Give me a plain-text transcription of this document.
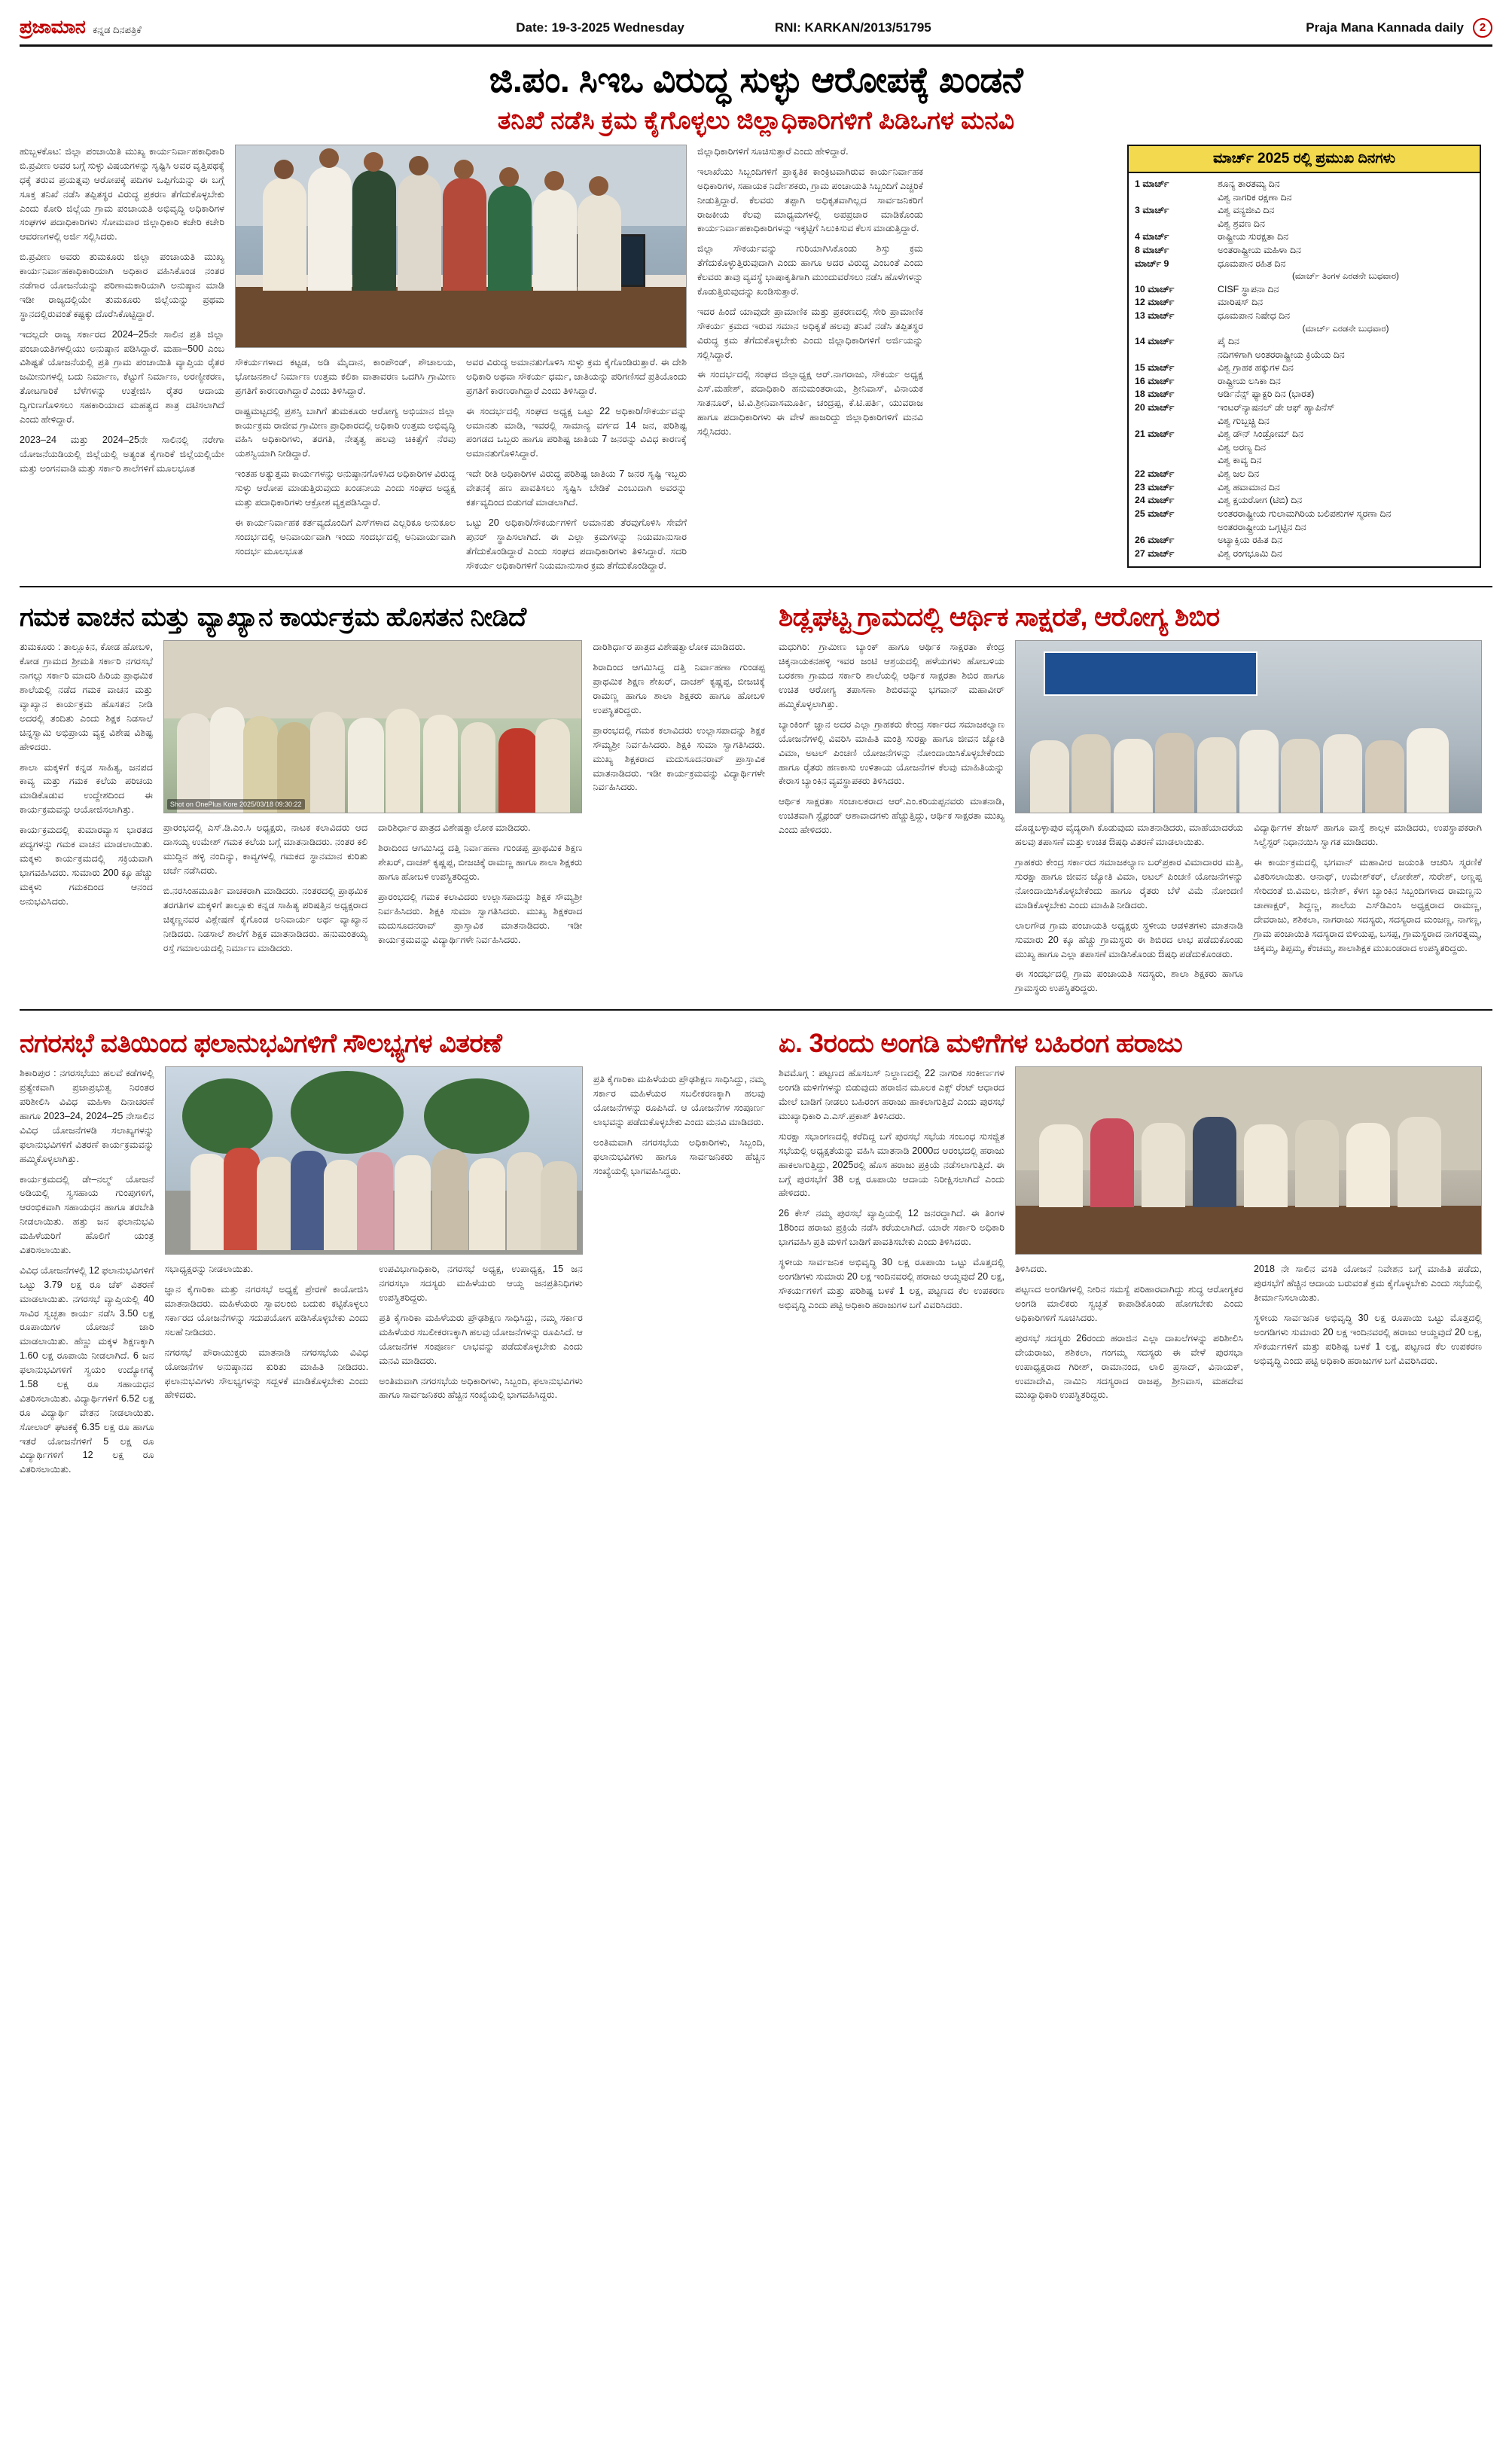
ಪ್ರಜಾಮಾನ ಕನ್ನಡ ದಿನಪತ್ರಿಕೆ	Date: 19-3-2025 Wednesday	RNI: KARKAN/2013/51795	Praja Mana Kannada daily	2
ಜಿ.ಪಂ. ಸಿಇಒ ವಿರುದ್ಧ ಸುಳ್ಳು ಆರೋಪಕ್ಕೆ ಖಂಡನೆ
ತನಿಖೆ ನಡೆಸಿ ಕ್ರಮ ಕೈಗೊಳ್ಳಲು ಜಿಲ್ಲಾಧಿಕಾರಿಗಳಿಗೆ ಪಿಡಿಒಗಳ ಮನವಿ

ಹುಬ್ಬಳಕೊಟ: ಜಿಲ್ಲಾ ಪಂಚಾಯಿತಿ ಮುಖ್ಯ ಕಾರ್ಯನಿರ್ವಾಹಕಾಧಿಕಾರಿ ಬಿ.ಪ್ರವೀಣ ಅವರ ಬಗ್ಗೆ ಸುಳ್ಳು ವಿಷಯಗಳನ್ನು ಸೃಷ್ಟಿಸಿ ಅವರ ವೃತ್ತಿಪಥಕ್ಕೆ ಧಕ್ಕೆ ತರುವ ಪ್ರಯತ್ನವು ಆರೋಪಕ್ಕೆ ಪದಿಗಳ ಒಪ್ಪಿಗೆಯನ್ನು ಈ ಬಗ್ಗೆ ಸೂಕ್ತ ತನಿಖೆ ನಡೆಸಿ ತಪ್ಪಿತಸ್ಥರ ವಿರುದ್ಧ ಪ್ರಕರಣ ತೆಗೆದುಕೊಳ್ಳಬೇಕು ಎಂದು ಕೋರಿ ಜಿಲ್ಲೆಯ ಗ್ರಾಮ ಪಂಚಾಯತಿ ಅಭಿವೃದ್ಧಿ ಅಧಿಕಾರಿಗಳ ಸಂಘಗಳ ಪದಾಧಿಕಾರಿಗಳು ಸೋಮವಾರ ಜಿಲ್ಲಾಧಿಕಾರಿ ಕಚೇರಿ ಕಚೇರಿ ಆವರಣಗಳಲ್ಲಿ ಅರ್ಜಿ ಸಲ್ಲಿಸಿದರು.

ಬಿ.ಪ್ರವೀಣ ಅವರು ತುಮಕೂರು ಜಿಲ್ಲಾ ಪಂಚಾಯತಿ ಮುಖ್ಯ ಕಾರ್ಯನಿರ್ವಾಹಕಾಧಿಕಾರಿಯಾಗಿ ಅಧಿಕಾರ ವಹಿಸಿಕೊಂಡ ನಂತರ ನಡೆಗಾರ ಯೋಜನೆಯನ್ನು ಪರಿಣಾಮಕಾರಿಯಾಗಿ ಅನುಷ್ಠಾನ ಮಾಡಿ ಇಡೀ ರಾಜ್ಯದಲ್ಲಿಯೇ ತುಮಕೂರು ಜಿಲ್ಲೆಯನ್ನು ಪ್ರಥಮ ಸ್ಥಾನದಲ್ಲಿರುವಂತೆ ಕಷ್ಟಕ್ಕು ದೊರೆಸಿಕೊಟ್ಟಿದ್ದಾರೆ.

ಇದಲ್ಲದೇ ರಾಜ್ಯ ಸರ್ಕಾರದ 2024–25ನೇ ಸಾಲಿನ ಪ್ರತಿ ಜಿಲ್ಲಾ ಪಂಚಾಯತಿಗಳಲ್ಲಿಯು ಅನುಷ್ಠಾನ ಪಡಿಸಿದ್ದಾರೆ. ಮಹಾ–500 ಎಂಬ ವಿಶಿಷ್ಟತೆ ಯೋಜನೆಯಲ್ಲಿ ಪ್ರತಿ ಗ್ರಾಮ ಪಂಚಾಯಿತಿ ವ್ಯಾಪ್ತಿಯ ರೈತರ ಜಮೀನುಗಳಲ್ಲಿ ಬದು ನಿರ್ಮಾಣ, ಕೆಟ್ಟುಗೆ ನಿರ್ಮಾಣ, ಅರಣ್ಯೀಕರಣ, ತೋಟಗಾರಿಕೆ ಬೆಳೆಗಳನ್ನು ಉತ್ತೇಜಿಸಿ ರೈತರ ಆದಾಯ ದ್ವಿಗುಣಗೊಳಿಸಲು ಸಹಕಾರಿಯಾದ ಮಹತ್ವದ ಶಾತ್ರ ದಟಿಸಲಾಗಿದೆ ಎಂದು ಹೇಳಿದ್ದಾರೆ.

2023–24 ಮತ್ತು 2024–25ನೇ ಸಾಲಿನಲ್ಲಿ ನರೇಗಾ ಯೋಜನೆಯಡಿಯಲ್ಲಿ ಜಿಲ್ಲೆಯಲ್ಲಿ ಅತ್ಯಂತ ಕೈಗಾರಿಕೆ ಜಿಲ್ಲೆಯಲ್ಲಿಯೇ ಮತ್ತು ಅಂಗನವಾಡಿ ಮತ್ತು ಸರ್ಕಾರಿ ಶಾಲೆಗಳಿಗೆ ಮೂಲಭೂತ

ಸೌಕರ್ಯಗಳಾದ ಕಟ್ಟಡ, ಅಡಿ ಮೈದಾನ, ಕಾಂಪೌಂಡ್, ಶೌಚಾಲಯ, ಭೋಜನಶಾಲೆ ನಿರ್ಮಾಣ ಉತ್ತಮ ಕಲಿಕಾ ವಾತಾವರಣ ಒದಗಿಸಿ ಗ್ರಾಮೀಣ ಪ್ರಗತಿಗೆ ಕಾರಣರಾಗಿದ್ದಾರೆ ಎಂದು ತಿಳಿಸಿದ್ದಾರೆ.

ರಾಷ್ಟ್ರಮಟ್ಟದಲ್ಲಿ ಪ್ರಶಸ್ತಿ ಬಾಗಿಗೆ ತುಮಕೂರು ಆರೋಗ್ಯ ಅಭಿಯಾನ ಜಿಲ್ಲಾ ಕಾರ್ಯಕ್ರಮ ರಾಜೀವ ಗ್ರಾಮೀಣ ಪ್ರಾಧಿಕಾರದಲ್ಲಿ ಅಧಿಕಾರಿ ಉತ್ತಮ ಅಭಿವೃದ್ಧಿ ವಹಿಸಿ ಅಧಿಕಾರಿಗಳು, ತರಗತಿ, ನೇತೃತ್ವ ಹಲವು ಚಿಕಿತ್ಸೆಗೆ ನೆರವು ಯಶಸ್ವಿಯಾಗಿ ನೀಡಿದ್ದಾರೆ.

ಇಂತಹ ಅತ್ಯುತ್ತಮ ಕಾರ್ಯಗಳನ್ನು ಅನುಷ್ಠಾನಗೊಳಿಸಿದ ಅಧಿಕಾರಿಗಳ ವಿರುದ್ಧ ಸುಳ್ಳು ಆರೋಪ ಮಾಡುತ್ತಿರುವುದು ಖಂಡನೀಯ ಎಂದು ಸಂಘದ ಅಧ್ಯಕ್ಷ ಮತ್ತು ಪದಾಧಿಕಾರಿಗಳು ಆಕ್ರೋಶ ವ್ಯಕ್ತಪಡಿಸಿದ್ದಾರೆ.

ಈ ಕಾರ್ಯನಿರ್ವಾಹಕ ಕರ್ತವ್ಯದೊಂದಿಗೆ ಎಸ್‌ಗಳಾದ ಎಲ್ಲರಿಕೂ ಅನುಕೂಲ ಸಂದರ್ಭದಲ್ಲಿ ಅನಿವಾರ್ಯವಾಗಿ ಇಂದು ಸಂದರ್ಭದಲ್ಲಿ ಅನಿವಾರ್ಯವಾಗಿ ಸಂದರ್ಭ ಮೂಲಭೂತ

ಅವರ ವಿರುದ್ಧ ಅಮಾನತುಗೊಳಿಸಿ ಸುಳ್ಳು ಕ್ರಮ ಕೈಗೊಂಡಿರುತ್ತಾರೆ. ಈ ದೇಶಿ ಅಧಿಕಾರಿ ಅಥವಾ ಸೌಕರ್ಯ ಧರ್ಮ, ಜಾತಿಯನ್ನು ಪರಿಗಣಿಸದೆ ಪ್ರತಿಯೊಂದು ಪ್ರಗತಿಗೆ ಕಾರಣರಾಗಿದ್ದಾರೆ ಎಂದು ತಿಳಿಸಿದ್ದಾರೆ.

ಈ ಸಂದರ್ಭದಲ್ಲಿ ಸಂಘದ ಅಧ್ಯಕ್ಷ ಒಟ್ಟು 22 ಅಧಿಕಾರಿ/ಸೌಕರ್ಯವನ್ನು ಅಮಾನತು ಮಾಡಿ, ಇವರಲ್ಲಿ ಸಾಮಾನ್ಯ ವರ್ಗದ 14 ಜನ, ಪರಿಶಿಷ್ಟ ಪಂಗಡದ ಒಬ್ಬರು ಹಾಗೂ ಪರಿಶಿಷ್ಟ ಜಾತಿಯ 7 ಜನರನ್ನು ವಿವಿಧ ಕಾರಣಕ್ಕೆ ಅಮಾನತುಗೊಳಿಸಿದ್ದಾರೆ.

ಇದೇ ರೀತಿ ಅಧಿಕಾರಿಗಳ ವಿರುದ್ಧ ಪರಿಶಿಷ್ಟ ಜಾತಿಯ 7 ಜನರ ಸೃಷ್ಟಿ ಇಬ್ಬರು ವೇತನಕ್ಕೆ ಹಣ ಪಾವತಿಸಲು ಸೃಷ್ಟಿಸಿ ಬೇಡಿಕೆ ಎಂಬುದಾಗಿ ಅವರನ್ನು ಕರ್ತವ್ಯದಿಂದ ಬಿಡುಗಡೆ ಮಾಡಲಾಗಿದೆ.

ಒಟ್ಟು 20 ಅಧಿಕಾರಿ/ಸೌಕರ್ಯಗಳಿಗೆ ಅಮಾನತು ತೆರವುಗೊಳಿಸಿ ಸೇವೆಗೆ ಪುನರ್ ಸ್ಥಾಪಿಸಲಾಗಿದೆ. ಈ ಎಲ್ಲಾ ಕ್ರಮಗಳನ್ನು ನಿಯಮಾನುಸಾರ ತೆಗೆದುಕೊಂಡಿದ್ದಾರೆ ಎಂದು ಸಂಘದ ಪದಾಧಿಕಾರಿಗಳು ತಿಳಿಸಿದ್ದಾರೆ. ಸದರಿ ಸೌಕರ್ಯ ಅಧಿಕಾರಿಗಳಿಗೆ ನಿಯಮಾನುಸಾರ ಕ್ರಮ ತೆಗೆದುಕೊಂಡಿದ್ದಾರೆ.

ಜಿಲ್ಲಾಧಿಕಾರಿಗಳಿಗೆ ಸೂಚಿಸುತ್ತಾರೆ ಎಂದು ಹೇಳಿದ್ದಾರೆ.

ಇಲಾಖೆಯು ಸಿಬ್ಬಂದಿಗಳಿಗೆ ಪ್ರಾಕೃತಿಕ ಕಾಂಕ್ರಿಟವಾಗಿರುವ ಕಾರ್ಯನಿರ್ವಾಹಕ ಅಧಿಕಾರಿಗಳ, ಸಹಾಯಕ ನಿರ್ದೇಶಕರು, ಗ್ರಾಮ ಪಂಚಾಯತಿ ಸಿಬ್ಬಂದಿಗೆ ಎಚ್ಚರಿಕೆ ನೀಡುತ್ತಿದ್ದಾರೆ. ಕೆಲವರು ತಪ್ಪಾಗಿ ಅಧಿಕೃತವಾಗಿಲ್ಲದ ಸಾರ್ವಜನಿಕರಿಗೆ ರಾಜಕೀಯ ಕೆಲವು ಮಾಧ್ಯಮಗಳಲ್ಲಿ ಅಪಪ್ರಚಾರ ಮಾಡಿಕೊಂಡು ಕಾರ್ಯನಿರ್ವಾಹಕಾಧಿಕಾರಿಗಳನ್ನು ಇಕ್ಕಟ್ಟಿಗೆ ಸಿಲುಕಿಸುವ ಕೆಲಸ ಮಾಡುತ್ತಿದ್ದಾರೆ.

ಜಿಲ್ಲಾ ಸೌಕರ್ಯವನ್ನು ಗುರಿಯಾಗಿಸಿಕೊಂಡು ಶಿಸ್ತು ಕ್ರಮ ತೆಗೆದುಕೊಳ್ಳುತ್ತಿರುವುದಾಗಿ ಎಂದು ಹಾಗೂ ಅದರ ವಿರುದ್ಧ ಎಂಬಂತೆ ಎಂದು ಕೆಲವರು ತಾವು ವ್ಯವಸ್ಥೆ ಭಾಷಾಕೃತಿಗಾಗಿ ಮುಂದುವರೆಸಲು ನಡೆಸಿ ಹೊಳೆಗಳನ್ನು ಕೊಡುತ್ತಿರುವುದನ್ನು ಖಂಡಿಸುತ್ತಾರೆ.

ಇದರ ಹಿಂದೆ ಯಾವುದೇ ಪ್ರಾಮಾಣಿಕ ಮತ್ತು ಪ್ರಕರಣದಲ್ಲಿ ಸೇರಿ ಪ್ರಾಮಾಣಿಕ ಸೌಕರ್ಯ ಕ್ರಮದ ಇರುವ ಸಮಾನ ಅಧಿಕೃತೆ ಹಲವು ತನಿಖೆ ನಡೆಸಿ ತಪ್ಪಿತಸ್ಥರ ವಿರುದ್ಧ ಕ್ರಮ ತೆಗೆದುಕೊಳ್ಳಬೇಕು ಎಂದು ಜಿಲ್ಲಾಧಿಕಾರಿಗಳಿಗೆ ಅರ್ಜಿಯನ್ನು ಸಲ್ಲಿಸಿದ್ದಾರೆ.

ಈ ಸಂದರ್ಭದಲ್ಲಿ ಸಂಘದ ಜಿಲ್ಲಾಧ್ಯಕ್ಷ ಆರ್.ನಾಗರಾಜು, ಸೌಕರ್ಯ ಅಧ್ಯಕ್ಷ ಎಸ್.ಮಹೇಶ್, ಪದಾಧಿಕಾರಿ ಹನುಮಂತರಾಯ, ಶ್ರೀನಿವಾಸ್, ವಿನಾಯಕ ಸಾತನೂರ್, ಟಿ.ವಿ.ಶ್ರೀನಿವಾಸಮೂರ್ತಿ, ಚಂದ್ರಪ್ಪ, ಕೆ.ಟಿ.ಪರ್ತಿ, ಯುವರಾಜ ಹಾಗೂ ಪದಾಧಿಕಾರಿಗಳು ಈ ವೇಳೆ ಹಾಜರಿದ್ದು ಜಿಲ್ಲಾಧಿಕಾರಿಗಳಿಗೆ ಮನವಿ ಸಲ್ಲಿಸಿದರು.

ಮಾರ್ಚ್ 2025 ರಲ್ಲಿ ಪ್ರಮುಖ ದಿನಗಳು
1 ಮಾರ್ಚ್	ಶೂನ್ಯ ತಾರತಮ್ಯ ದಿನ
ವಿಶ್ವ ನಾಗರಿಕ ರಕ್ಷಣಾ ದಿನ
3 ಮಾರ್ಚ್	ವಿಶ್ವ ವನ್ಯಜೀವಿ ದಿನ
ವಿಶ್ವ ಶ್ರವಣ ದಿನ
4 ಮಾರ್ಚ್	ರಾಷ್ಟ್ರೀಯ ಸುರಕ್ಷತಾ ದಿನ
8 ಮಾರ್ಚ್	ಅಂತರಾಷ್ಟ್ರೀಯ ಮಹಿಳಾ ದಿನ
ಮಾರ್ಚ್ 9	ಧೂಮಪಾನ ರಹಿತ ದಿನ
(ಮಾರ್ಚ್ ತಿಂಗಳ ಎರಡನೇ ಬುಧವಾರ)
10 ಮಾರ್ಚ್	CISF ಸ್ಥಾಪನಾ ದಿನ
12 ಮಾರ್ಚ್	ಮಾರಿಷಸ್ ದಿನ
13 ಮಾರ್ಚ್	ಧೂಮಪಾನ ನಿಷೇಧ ದಿನ
(ಮಾರ್ಚ್ ಎರಡನೇ ಬುಧವಾರ)
14 ಮಾರ್ಚ್	ಪೈ ದಿನ
ನದಿಗಳಿಗಾಗಿ ಅಂತರರಾಷ್ಟ್ರೀಯ ಕ್ರಿಯೆಯ ದಿನ
15 ಮಾರ್ಚ್	ವಿಶ್ವ ಗ್ರಾಹಕ ಹಕ್ಕುಗಳ ದಿನ
16 ಮಾರ್ಚ್	ರಾಷ್ಟ್ರೀಯ ಲಸಿಕಾ ದಿನ
18 ಮಾರ್ಚ್	ಆರ್ಡಿನೆನ್ಸ್ ಫ್ಯಾಕ್ಟರಿ ದಿನ (ಭಾರತ)
20 ಮಾರ್ಚ್	ಇಂಟರ್‌ನ್ಯಾಷನಲ್ ಡೇ ಆಫ್ ಹ್ಯಾಪಿನೆಸ್
ವಿಶ್ವ ಗುಬ್ಬಚ್ಚಿ ದಿನ
21 ಮಾರ್ಚ್	ವಿಶ್ವ ಡೌನ್ ಸಿಂಡ್ರೋಮ್ ದಿನ
ವಿಶ್ವ ಅರಣ್ಯ ದಿನ
ವಿಶ್ವ ಕಾವ್ಯ ದಿನ
22 ಮಾರ್ಚ್	ವಿಶ್ವ ಜಲ ದಿನ
23 ಮಾರ್ಚ್	ವಿಶ್ವ ಹವಾಮಾನ ದಿನ
24 ಮಾರ್ಚ್	ವಿಶ್ವ ಕ್ಷಯರೋಗ (ಟಿಬಿ) ದಿನ
25 ಮಾರ್ಚ್	ಅಂತರರಾಷ್ಟ್ರೀಯ ಗುಲಾಮಗಿರಿಯ ಬಲಿಪಶುಗಳ ಸ್ಮರಣಾ ದಿನ
ಅಂತರರಾಷ್ಟ್ರೀಯ ಒಗ್ಗಟ್ಟಿನ ದಿನ
26 ಮಾರ್ಚ್	ಅಟ್ಯಾಕ್ಸಿಯ ರಹಿತ ದಿನ
27 ಮಾರ್ಚ್	ವಿಶ್ವ ರಂಗಭೂಮಿ ದಿನ
ಗಮಕ ವಾಚನ ಮತ್ತು ವ್ಯಾಖ್ಯಾನ ಕಾರ್ಯಕ್ರಮ ಹೊಸತನ ನೀಡಿದೆ

ತುಮಕೂರು : ತಾಲ್ಲೂಕಿನ, ಕೋಡ ಹೋಬಳಿ, ಕೋಡ ಗ್ರಾಮದ ಶ್ರೀಮತಿ ಸರ್ಕಾರಿ ನಗರಸಭೆ ನಾಗಲ್ಲು ಸರ್ಕಾರಿ ಮಾದರಿ ಹಿರಿಯ ಪ್ರಾಥಮಿಕ ಶಾಲೆಯಲ್ಲಿ ನಡೆದ ಗಮಕ ವಾಚನ ಮತ್ತು ವ್ಯಾಖ್ಯಾನ ಕಾರ್ಯಕ್ರಮ ಹೊಸತನ ನೀಡಿ ಅದರಲ್ಲಿ ತಂದಿತು ಎಂದು ಶಿಕ್ಷಕ ನಿಡಸಾಲೆ ಚಿನ್ನಸ್ವಾಮಿ ಅಭಿಪ್ರಾಯ ವ್ಯಕ್ತ ವಿಶೇಷ ವಿಶಿಷ್ಟ ಹೇಳಿದರು.

ಶಾಲಾ ಮಕ್ಕಳಿಗೆ ಕನ್ನಡ ಸಾಹಿತ್ಯ, ಜನಪದ ಕಾವ್ಯ ಮತ್ತು ಗಮಕ ಕಲೆಯ ಪರಿಚಯ ಮಾಡಿಕೊಡುವ ಉದ್ದೇಶದಿಂದ ಈ ಕಾರ್ಯಕ್ರಮವನ್ನು ಆಯೋಜಿಸಲಾಗಿತ್ತು.

ಕಾರ್ಯಕ್ರಮದಲ್ಲಿ ಕುಮಾರವ್ಯಾಸ ಭಾರತದ ಪದ್ಯಗಳನ್ನು ಗಮಕ ವಾಚನ ಮಾಡಲಾಯಿತು. ಮಕ್ಕಳು ಕಾರ್ಯಕ್ರಮದಲ್ಲಿ ಸಕ್ರಿಯವಾಗಿ ಭಾಗವಹಿಸಿದರು. ಸುಮಾರು 200 ಕ್ಕೂ ಹೆಚ್ಚು ಮಕ್ಕಳು ಗಮಕದಿಂದ ಆನಂದ ಅನುಭವಿಸಿದರು.

Shot on OnePlus Kore 2025/03/18 09:30:22

ಪ್ರಾರಂಭದಲ್ಲಿ ಎಸ್.ಡಿ.ಎಂ.ಸಿ ಅಧ್ಯಕ್ಷರು, ನಾಟಕ ಕಲಾವಿದರು ಆದ ದಾಸಯ್ಯ ಉಮೇಶ್ ಗಮಕ ಕಲೆಯ ಬಗ್ಗೆ ಮಾತನಾಡಿದರು. ನಂತರ ಕಲಿ ಮುದ್ದಿನ ಹಳ್ಳಿ ನಂದಿನ್ಯು, ಕಾವ್ಯಗಳಲ್ಲಿ ಗಮಕದ ಸ್ಥಾನಮಾನ ಕುರಿತು ಚರ್ಚೆ ನಡೆಸಿದರು.

ಬಿ.ನರಸಿಂಹಮೂರ್ತಿ ವಾಚಕರಾಗಿ ಮಾಡಿದರು. ನಂತರದಲ್ಲಿ ಪ್ರಾಥಮಿಕ ತರಗತಿಗಳ ಮಕ್ಕಳಿಗೆ ತಾಲ್ಲೂಕು ಕನ್ನಡ ಸಾಹಿತ್ಯ ಪರಿಷತ್ತಿನ ಅಧ್ಯಕ್ಷರಾದ ಚಿಕ್ಕಣ್ಣನವರ ವಿಶ್ಲೇಷಣೆ ಕೈಗೊಂಡ ಅನಿವಾರ್ಯ ಅರ್ಥ ವ್ಯಾಖ್ಯಾನ ನೀಡಿದರು. ನಿಡಸಾಲೆ ಶಾಲೆಗೆ ಶಿಕ್ಷಕ ಮಾತನಾಡಿದರು. ಹನುಮಂತಯ್ಯ ರಸ್ತೆ ಗಮಾಲಯದಲ್ಲಿ ನಿರ್ಮಾಣ ಮಾಡಿದರು.

ದಾರಿಶಿರ್ಧಾರ ಪಾತ್ರದ ವಿಶೇಷತ್ವಾಲೋಕ ಮಾಡಿದರು.

ಶಿರಾದಿಂದ ಆಗಮಿಸಿದ್ದ ದತ್ತಿ ನಿರ್ವಾಹಣಾ ಗುಂಡಪ್ಪ ಪ್ರಾಥಮಿಕ ಶಿಕ್ಷಣ ಶೇಖರ್, ದಾಚಶ್ ಕೃಷ್ಣಪ್ಪ, ಬೀಜಚಿಕ್ಕೆ ರಾಮಣ್ಣ ಹಾಗೂ ಶಾಲಾ ಶಿಕ್ಷಕರು ಹಾಗೂ ಹೋಬಳಿ ಉಪಸ್ಥಿತರಿದ್ದರು.

ಪ್ರಾರಂಭದಲ್ಲಿ ಗಮಕ ಕಲಾವಿದರು ಉಲ್ಲಾಸಪಾದನ್ನು ಶಿಕ್ಷಕ ಸೌಮ್ಯಶ್ರೀ ನಿರ್ವಹಿಸಿದರು. ಶಿಕ್ಷಕಿ ಸುಮಾ ಸ್ವಾಗತಿಸಿದರು. ಮುಖ್ಯ ಶಿಕ್ಷಕರಾದ ಮದುಸೂದನರಾವ್ ಪ್ರಾಸ್ತಾವಿಕ ಮಾತನಾಡಿದರು. ಇಡೀ ಕಾರ್ಯಕ್ರಮವನ್ನು ವಿದ್ಯಾರ್ಥಿಗಳೇ ನಿರ್ವಹಿಸಿದರು.

ದಾರಿಶಿರ್ಧಾರ ಪಾತ್ರದ ವಿಶೇಷತ್ವಾಲೋಕ ಮಾಡಿದರು.

ಶಿರಾದಿಂದ ಆಗಮಿಸಿದ್ದ ದತ್ತಿ ನಿರ್ವಾಹಣಾ ಗುಂಡಪ್ಪ ಪ್ರಾಥಮಿಕ ಶಿಕ್ಷಣ ಶೇಖರ್, ದಾಚಶ್ ಕೃಷ್ಣಪ್ಪ, ಬೀಜಚಿಕ್ಕೆ ರಾಮಣ್ಣ ಹಾಗೂ ಶಾಲಾ ಶಿಕ್ಷಕರು ಹಾಗೂ ಹೋಬಳಿ ಉಪಸ್ಥಿತರಿದ್ದರು.

ಪ್ರಾರಂಭದಲ್ಲಿ ಗಮಕ ಕಲಾವಿದರು ಉಲ್ಲಾಸಪಾದನ್ನು ಶಿಕ್ಷಕ ಸೌಮ್ಯಶ್ರೀ ನಿರ್ವಹಿಸಿದರು. ಶಿಕ್ಷಕಿ ಸುಮಾ ಸ್ವಾಗತಿಸಿದರು. ಮುಖ್ಯ ಶಿಕ್ಷಕರಾದ ಮದುಸೂದನರಾವ್ ಪ್ರಾಸ್ತಾವಿಕ ಮಾತನಾಡಿದರು. ಇಡೀ ಕಾರ್ಯಕ್ರಮವನ್ನು ವಿದ್ಯಾರ್ಥಿಗಳೇ ನಿರ್ವಹಿಸಿದರು.

ಶಿಡ್ಲಘಟ್ಟ ಗ್ರಾಮದಲ್ಲಿ ಆರ್ಥಿಕ ಸಾಕ್ಷರತೆ, ಆರೋಗ್ಯ ಶಿಬಿರ

ಮಧುಗಿರಿ: ಗ್ರಾಮೀಣ ಬ್ಯಾಂಕ್ ಹಾಗೂ ಆರ್ಥಿಕ ಸಾಕ್ಷರತಾ ಕೇಂದ್ರ ಚಿಕ್ಕನಾಯಕನಹಳ್ಳಿ ಇವರ ಜಂಟಿ ಆಶ್ರಯದಲ್ಲಿ ಹಳೆಯಗಳು ಹೋಬಳಿಯ ಬರಕಣಾ ಗ್ರಾಮದ ಸರ್ಕಾರಿ ಶಾಲೆಯಲ್ಲಿ ಆರ್ಥಿಕ ಸಾಕ್ಷರತಾ ಶಿಬಿರ ಹಾಗೂ ಉಚಿತ ಆರೋಗ್ಯ ತಪಾಸಣಾ ಶಿಬಿರವನ್ನು ಭಗವಾನ್ ಮಹಾವೀರ್ ಹಮ್ಮಿಕೊಳ್ಳಲಾಗಿತ್ತು.

ಬ್ಯಾಂಕಿಂಗ್ ಜ್ಞಾನ ಅದರ ಎಲ್ಲಾ ಗ್ರಾಹಕರು ಕೇಂದ್ರ ಸರ್ಕಾರದ ಸಮಾಜಕಲ್ಯಾಣ ಯೋಜನೆಗಳಲ್ಲಿ ವಿವರಿಸಿ ಮಾಹಿತಿ ಮಂತ್ರಿ ಸುರಕ್ಷಾ ಹಾಗೂ ಜೀವನ ಜ್ಯೋತಿ ವಿಮಾ, ಅಟಲ್ ಪಿಂಚಣಿ ಯೋಜನೆಗಳನ್ನು ನೋಂದಾಯಿಸಿಕೊಳ್ಳಬೇಕೆಂದು ಹಾಗೂ ರೈತರು ಹಣಕಾಸು ಉಳಿತಾಯ ಯೋಜನೆಗಳ ಕೆಲವು ಮಾಹಿತಿಯನ್ನು ಕೇರಾಸ ಬ್ಯಾಂಕಿನ ವ್ಯವಸ್ಥಾಪಕರು ತಿಳಿಸಿದರು.

ಆರ್ಥಿಕ ಸಾಕ್ಷರತಾ ಸಂಚಾಲಕರಾದ ಆರ್.ಎಂ.ಕರಿಯಪ್ಪನವರು ಮಾತನಾಡಿ, ಉಚಿತವಾಗಿ ಸ್ಟೈಫಂಡ್ ಆಶಾವಾದಗಳು ಹೆಚ್ಚುತ್ತಿದ್ದು, ಆರ್ಥಿಕ ಸಾಕ್ಷರತಾ ಮುಖ್ಯ ಎಂದು ಹೇಳಿದರು.	ದೊಡ್ಡಬಳ್ಳಾಪುರ ವೈದ್ಯರಾಗಿ ಕೊಡುವುದು ಮಾತನಾಡಿದರು, ಮಾಹೆಯಾದರೆಯ ಹಲವು ತಪಾಸಣೆ ಮತ್ತು ಉಚಿತ ಔಷಧಿ ವಿತರಣೆ ಮಾಡಲಾಯಿತು.

ಗ್ರಾಹಕರು ಕೇಂದ್ರ ಸರ್ಕಾರದ ಸಮಾಜಕಲ್ಯಾಣ ಬರ್‌ಪ್ರಕಾರ ವಿಮಾದಾರರ ಮತ್ತಿ, ಸುರಕ್ಷಾ ಹಾಗೂ ಜೀವನ ಜ್ಯೋತಿ ವಿಮಾ, ಅಟಲ್ ಪಿಂಚಣಿ ಯೋಜನೆಗಳನ್ನು ನೋಂದಾಯಿಸಿಕೊಳ್ಳಬೇಕೆಂದು ಹಾಗೂ ರೈತರು ಬೆಳೆ ವಿಮೆ ನೋಂದಣಿ ಮಾಡಿಕೊಳ್ಳಬೇಕು ಎಂದು ಮಾಹಿತಿ ನೀಡಿದರು.

ಲಾಲಗೌಡ ಗ್ರಾಮ ಪಂಚಾಯತಿ ಅಧ್ಯಕ್ಷರು ಸ್ಥಳೀಯ ಆಡಳಿತಗಳು ಮಾತನಾಡಿ ಸುಮಾರು 20 ಕ್ಕೂ ಹೆಚ್ಚು ಗ್ರಾಮಸ್ಥರು ಈ ಶಿಬಿರದ ಲಾಭ ಪಡೆದುಕೊಂಡು ಮುಖ್ಯ ಹಾಗೂ ಎಲ್ಲಾ ತಪಾಸಣೆ ಮಾಡಿಸಿಕೊಂಡು ಔಷಧಿ ಪಡೆದುಕೊಂಡರು.

ಈ ಸಂದರ್ಭದಲ್ಲಿ ಗ್ರಾಮ ಪಂಚಾಯತಿ ಸದಸ್ಯರು, ಶಾಲಾ ಶಿಕ್ಷಕರು ಹಾಗೂ ಗ್ರಾಮಸ್ಥರು ಉಪಸ್ಥಿತರಿದ್ದರು.

ವಿದ್ಯಾರ್ಥಿಗಳ ತೇಜಸ್ ಹಾಗೂ ವಾಸ್ತೆ ಶಾಲ್ಗಳ ಮಾಡಿದರು, ಉಪಸ್ಥಾಪಕರಾಗಿ ಸಿಲ್ವೆಸ್ಟರ್ ನಿಧಾನಯಿಸಿ ಸ್ವಾಗತ ಮಾಡಿದರು.

ಈ ಕಾರ್ಯಕ್ರಮದಲ್ಲಿ ಭಗವಾನ್ ಮಹಾವೀರ ಜಯಂತಿ ಆಚರಿಸಿ ಸ್ಮರಣಿಕೆ ವಿತರಿಸಲಾಯಿತು. ಆನಾಥ್, ಉಮೇಶ್‌ಕರ್, ಲೋಕೇಶ್, ಸುರೇಶ್, ಅಣ್ಣಪ್ಪ ಸೇರಿದಂತೆ ಬಿ.ವಿಮಲ, ಜಿನೇಶ್, ಕೆಳಗ ಬ್ಯಾಂಕಿನ ಸಿಬ್ಬಂದಿಗಳಾದ ರಾಮಣ್ಣನು ಚಾಣಾಕ್ಷರ್, ಶಿದ್ದಣ್ಣ, ಶಾಲೆಯ ಎಸ್‌ಡಿಎಂಸಿ ಅಧ್ಯಕ್ಷರಾದ ರಾಮಣ್ಣ, ದೇವರಾಜು, ಶಶಿಕಲಾ, ನಾಗರಾಜು ಸದಸ್ಯರು, ಸದಸ್ಯರಾದ ಮಂಜಣ್ಣ, ನಾಗಣ್ಣ, ಗ್ರಾಮ ಪಂಚಾಯಿತಿ ಸದಸ್ಯರಾದ ಬಿಳಿಯಪ್ಪ, ಬಸಪ್ಪ, ಗ್ರಾಮಸ್ಥರಾದ ನಾಗರತ್ನಮ್ಮ, ಚಿಕ್ಕಮ್ಮ, ತಿಪ್ಪಮ್ಮ, ಕೆಂಚಮ್ಮ, ಶಾಲಾಶಿಕ್ಷಕ ಮುಖಂಡರಾದ ಉಪಸ್ಥಿತರಿದ್ದರು.

ನಗರಸಭೆ ವತಿಯಿಂದ ಫಲಾನುಭವಿಗಳಿಗೆ ಸೌಲಭ್ಯಗಳ ವಿತರಣೆ

ಶಿಕಾರಿಪುರ : ನಗರಸಭೆಯು ಹಲವೆ ಕಡೆಗಳಲ್ಲಿ ಪ್ರತ್ಯೇಕವಾಗಿ ಪ್ರಜಾಪ್ರಭುತ್ವ ನಿರಂತರ ಪರಿಶೀಲಿಸಿ ವಿವಿಧ ಮಹಿಳಾ ದಿನಾಚರಣೆ ಹಾಗೂ 2023–24, 2024–25 ನೇಸಾಲಿನ ವಿವಿಧ ಯೋಜನೆಗಳಡಿ ಸಲಾಖ್ಯಗಳನ್ನು ಫಲಾನುಭವಿಗಳಿಗೆ ವಿತರಣೆ ಕಾರ್ಯಕ್ರಮವನ್ನು ಹಮ್ಮಿಕೊಳ್ಳಲಾಗಿತ್ತು.

ಕಾರ್ಯಕ್ರಮದಲ್ಲಿ ಡೇ–ನಲ್ಮ್ ಯೋಜನೆ ಅಡಿಯಲ್ಲಿ ಸ್ವಸಹಾಯ ಗುಂಪುಗಳಿಗೆ, ಆರಂಭಿಕವಾಗಿ ಸಹಾಯಧನ ಹಾಗೂ ತರಬೇತಿ ನೀಡಲಾಯಿತು. ಹತ್ತು ಜನ ಫಲಾನುಭವಿ ಮಹಿಳೆಯರಿಗೆ ಹೊಲಿಗೆ ಯಂತ್ರ ವಿತರಿಸಲಾಯಿತು.

ವಿವಿಧ ಯೋಜನೆಗಳಲ್ಲಿ 12 ಫಲಾನುಭವಿಗಳಿಗೆ ಒಟ್ಟು 3.79 ಲಕ್ಷ ರೂ ಚೆಕ್ ವಿತರಣೆ ಮಾಡಲಾಯಿತು. ನಗರಸಭೆ ವ್ಯಾಪ್ತಿಯಲ್ಲಿ 40 ಸಾವಿರ ಸ್ವಚ್ಛತಾ ಕಾರ್ಯ ನಡೆಸಿ 3.50 ಲಕ್ಷ ರೂಪಾಯಿಗಳ ಯೋಜನೆ ಜಾರಿ ಮಾಡಲಾಯಿತು. ಹೆಣ್ಣು ಮಕ್ಕಳ ಶಿಕ್ಷಣಕ್ಕಾಗಿ 1.60 ಲಕ್ಷ ರೂಪಾಯಿ ನೀಡಲಾಗಿದೆ. 6 ಜನ ಫಲಾನುಭವಿಗಳಿಗೆ ಸ್ವಯಂ ಉದ್ಯೋಗಕ್ಕೆ 1.58 ಲಕ್ಷ ರೂ ಸಹಾಯಧನ ವಿತರಿಸಲಾಯಿತು. ವಿದ್ಯಾರ್ಥಿಗಳಿಗೆ 6.52 ಲಕ್ಷ ರೂ ವಿದ್ಯಾರ್ಥಿ ವೇತನ ನೀಡಲಾಯಿತು. ಸೋಲಾರ್ ಘಟಕಕ್ಕೆ 6.35 ಲಕ್ಷ ರೂ ಹಾಗೂ ಇತರೆ ಯೋಜನೆಗಳಿಗೆ 5 ಲಕ್ಷ ರೂ ವಿದ್ಯಾರ್ಥಿಗಳಿಗೆ 12 ಲಕ್ಷ ರೂ ವಿತರಿಸಲಾಯಿತು.

ಸಭಾಧ್ಯಕ್ಷರನ್ನು ನೀಡಲಾಯಿತು.

ಜ್ಞಾನ ಕೈಗಾರಿಕಾ ಮತ್ತು ನಗರಸಭೆ ಅಧ್ಯಕ್ಷೆ ಪ್ರೇರಣೆ ಕಾಯೋಜಿಸಿ ಮಾತನಾಡಿದರು. ಮಹಿಳೆಯರು ಸ್ವಾವಲಂಬಿ ಬದುಕು ಕಟ್ಟಿಕೊಳ್ಳಲು ಸರ್ಕಾರದ ಯೋಜನೆಗಳನ್ನು ಸದುಪಯೋಗ ಪಡಿಸಿಕೊಳ್ಳಬೇಕು ಎಂದು ಸಲಹೆ ನೀಡಿದರು.

ನಗರಸಭೆ ಪೌರಾಯುಕ್ತರು ಮಾತನಾಡಿ ನಗರಸಭೆಯ ವಿವಿಧ ಯೋಜನೆಗಳ ಅನುಷ್ಠಾನದ ಕುರಿತು ಮಾಹಿತಿ ನೀಡಿದರು. ಫಲಾನುಭವಿಗಳು ಸೌಲಭ್ಯಗಳನ್ನು ಸದ್ಬಳಕೆ ಮಾಡಿಕೊಳ್ಳಬೇಕು ಎಂದು ಹೇಳಿದರು.

ಉಪವಿಭಾಗಾಧಿಕಾರಿ, ನಗರಸಭೆ ಅಧ್ಯಕ್ಷ, ಉಪಾಧ್ಯಕ್ಷ, 15 ಜನ ನಗರಸಭಾ ಸದಸ್ಯರು ಮಹಿಳೆಯರು ಆಯ್ದ ಜನಪ್ರತಿನಿಧಿಗಳು ಉಪಸ್ಥಿತರಿದ್ದರು.

ಪ್ರತಿ ಕೈಗಾರಿಕಾ ಮಹಿಳೆಯರು ಪ್ರೌಢಶಿಕ್ಷಣ ಸಾಧಿಸಿದ್ದು, ನಮ್ಮ ಸರ್ಕಾರ ಮಹಿಳೆಯರ ಸಬಲೀಕರಣಕ್ಕಾಗಿ ಹಲವು ಯೋಜನೆಗಳನ್ನು ರೂಪಿಸಿದೆ. ಆ ಯೋಜನೆಗಳ ಸಂಪೂರ್ಣ ಲಾಭವನ್ನು ಪಡೆದುಕೊಳ್ಳಬೇಕು ಎಂದು ಮನವಿ ಮಾಡಿದರು.

ಅಂತಿಮವಾಗಿ ನಗರಸಭೆಯ ಅಧಿಕಾರಿಗಳು, ಸಿಬ್ಬಂದಿ, ಫಲಾನುಭವಿಗಳು ಹಾಗೂ ಸಾರ್ವಜನಿಕರು ಹೆಚ್ಚಿನ ಸಂಖ್ಯೆಯಲ್ಲಿ ಭಾಗವಹಿಸಿದ್ದರು.

ಪ್ರತಿ ಕೈಗಾರಿಕಾ ಮಹಿಳೆಯರು ಪ್ರೌಢಶಿಕ್ಷಣ ಸಾಧಿಸಿದ್ದು, ನಮ್ಮ ಸರ್ಕಾರ ಮಹಿಳೆಯರ ಸಬಲೀಕರಣಕ್ಕಾಗಿ ಹಲವು ಯೋಜನೆಗಳನ್ನು ರೂಪಿಸಿದೆ. ಆ ಯೋಜನೆಗಳ ಸಂಪೂರ್ಣ ಲಾಭವನ್ನು ಪಡೆದುಕೊಳ್ಳಬೇಕು ಎಂದು ಮನವಿ ಮಾಡಿದರು.

ಅಂತಿಮವಾಗಿ ನಗರಸಭೆಯ ಅಧಿಕಾರಿಗಳು, ಸಿಬ್ಬಂದಿ, ಫಲಾನುಭವಿಗಳು ಹಾಗೂ ಸಾರ್ವಜನಿಕರು ಹೆಚ್ಚಿನ ಸಂಖ್ಯೆಯಲ್ಲಿ ಭಾಗವಹಿಸಿದ್ದರು.

ಏ. 3ರಂದು ಅಂಗಡಿ ಮಳಿಗೆಗಳ ಬಹಿರಂಗ ಹರಾಜು

ಶಿವಮೊಗ್ಗ : ಪಟ್ಟಣದ ಹೊಸಬಸ್ ನಿಲ್ದಾಣದಲ್ಲಿ 22 ನಾಗರಿಕ ಸಂಕೀರ್ಣಗಳ ಅಂಗಡಿ ಮಳಿಗೆಗಳನ್ನು ಬಿಡುವುದು ಹರಾಜಿನ ಮೂಲಕ ಎಕ್ಸ್ ರೆಂಟ್ ಆಧಾರದ ಮೇಲೆ ಬಾಡಿಗೆ ನೀಡಲು ಬಹಿರಂಗ ಹರಾಜು ಹಾಕಲಾಗುತ್ತಿದೆ ಎಂದು ಪುರಸಭೆ ಮುಖ್ಯಾಧಿಕಾರಿ ಎ.ಎಸ್.ಪ್ರಕಾಶ್ ತಿಳಿಸಿದರು.

ಸುರಕ್ಷಾ ಸಭಾಂಗಣದಲ್ಲಿ ಕರೆದಿದ್ದ ಬಗೆ ಪುರಸಭೆ ಸಭೆಯ ಸಂಬಂಧ ಸುಸಜ್ಜಿತ ಸಭೆಯಲ್ಲಿ ಅಧ್ಯಕ್ಷತೆಯನ್ನು ವಹಿಸಿ ಮಾತನಾಡಿ 2000ದ ಆರಂಭದಲ್ಲಿ ಹರಾಜು ಹಾಕಲಾಗುತ್ತಿದ್ದು, 2025ರಲ್ಲಿ ಹೊಸ ಹರಾಜು ಪ್ರಕ್ರಿಯೆ ನಡೆಸಲಾಗುತ್ತಿದೆ. ಈ ಬಗ್ಗೆ ಪುರಸಭೆಗೆ 38 ಲಕ್ಷ ರೂಪಾಯಿ ಆದಾಯ ನಿರೀಕ್ಷಿಸಲಾಗಿದೆ ಎಂದು ಹೇಳಿದರು.

26 ಕೇಸ್ ನಮ್ಮ ಪುರಸಭೆ ವ್ಯಾಪ್ತಿಯಲ್ಲಿ 12 ಜನರದ್ದಾಗಿದೆ. ಈ ತಿಂಗಳ 18ರಿಂದ ಹರಾಜು ಪ್ರಕ್ರಿಯೆ ನಡೆಸಿ ಕರೆಯಲಾಗಿದೆ. ಯಾರೇ ಸರ್ಕಾರಿ ಅಧಿಕಾರಿ ಭಾಗವಹಿಸಿ ಪ್ರತಿ ಮಳಿಗೆ ಬಾಡಿಗೆ ಪಾವತಿಸಬೇಕು ಎಂದು ತಿಳಿಸಿದರು.

ಸ್ಥಳೀಯ ಸಾರ್ವಜನಿಕ ಅಭಿವೃದ್ಧಿ 30 ಲಕ್ಷ ರೂಪಾಯಿ ಒಟ್ಟು ಮೊತ್ತದಲ್ಲಿ ಅಂಗಡಿಗಳು ಸುಮಾರು 20 ಲಕ್ಷ ಇಂದಿನವರಲ್ಲಿ ಹರಾಜು ಆಯ್ದವುದೆ 20 ಲಕ್ಷ, ಸೌಕರ್ಯಗಳಿಗೆ ಮತ್ತು ಪರಿಶಿಷ್ಟ ಬಳಕೆ 1 ಲಕ್ಷ, ಪಟ್ಟಣದ ಕೆಲ ಉಪಕರಣ ಅಭಿವೃದ್ಧಿ ಎಂದು ಪಟ್ಟಿ ಅಧಿಕಾರಿ ಹರಾಜುಗಳ ಬಗೆ ವಿವರಿಸಿದರು.

ತಿಳಿಸಿದರು.

ಪಟ್ಟಣದ ಅಂಗಡಿಗಳಲ್ಲಿ ನೀರಿನ ಸಮಸ್ಯೆ ಪರಿಹಾರವಾಗಿದ್ದು ಶುದ್ಧ ಆರೋಗ್ಯಕರ ಅಂಗಡಿ ಮಾಲಿಕರು ಸ್ವಚ್ಛತೆ ಕಾಪಾಡಿಕೊಂಡು ಹೋಗಬೇಕು ಎಂದು ಅಧಿಕಾರಿಗಳಿಗೆ ಸೂಚಿಸಿದರು.

ಪುರಸಭೆ ಸದಸ್ಯರು 26ರಂದು ಹರಾಜಿನ ಎಲ್ಲಾ ದಾಖಲೆಗಳನ್ನು ಪರಿಶೀಲಿಸಿ ದೇಯರಾಜು, ಶಶಿಕಲಾ, ಗಂಗಮ್ಮ ಸದಸ್ಯರು ಈ ವೇಳೆ ಪುರಸಭಾ ಉಪಾಧ್ಯಕ್ಷರಾದ ಗಿರೀಶ್, ರಾಮಾನಂದ, ಲಾಲಿ ಪ್ರಸಾದ್, ವಿನಾಯಕ್, ಉಮಾದೇವಿ, ನಾಮಿನಿ ಸದಸ್ಯರಾದ ರಾಜಪ್ಪ, ಶ್ರೀನಿವಾಸ, ಮಹದೇವ ಮುಖ್ಯಾಧಿಕಾರಿ ಉಪಸ್ಥಿತರಿದ್ದರು.

2018 ನೇ ಸಾಲಿನ ವಸತಿ ಯೋಜನೆ ನಿವೇಶನ ಬಗ್ಗೆ ಮಾಹಿತಿ ಪಡೆದು, ಪುರಸಭೆಗೆ ಹೆಚ್ಚಿನ ಆದಾಯ ಬರುವಂತೆ ಕ್ರಮ ಕೈಗೊಳ್ಳಬೇಕು ಎಂದು ಸಭೆಯಲ್ಲಿ ತೀರ್ಮಾನಿಸಲಾಯಿತು.

ಸ್ಥಳೀಯ ಸಾರ್ವಜನಿಕ ಅಭಿವೃದ್ಧಿ 30 ಲಕ್ಷ ರೂಪಾಯಿ ಒಟ್ಟು ಮೊತ್ತದಲ್ಲಿ ಅಂಗಡಿಗಳು ಸುಮಾರು 20 ಲಕ್ಷ ಇಂದಿನವರಲ್ಲಿ ಹರಾಜು ಆಯ್ದವುದೆ 20 ಲಕ್ಷ, ಸೌಕರ್ಯಗಳಿಗೆ ಮತ್ತು ಪರಿಶಿಷ್ಟ ಬಳಕೆ 1 ಲಕ್ಷ, ಪಟ್ಟಣದ ಕೆಲ ಉಪಕರಣ ಅಭಿವೃದ್ಧಿ ಎಂದು ಪಟ್ಟಿ ಅಧಿಕಾರಿ ಹರಾಜುಗಳ ಬಗೆ ವಿವರಿಸಿದರು.
